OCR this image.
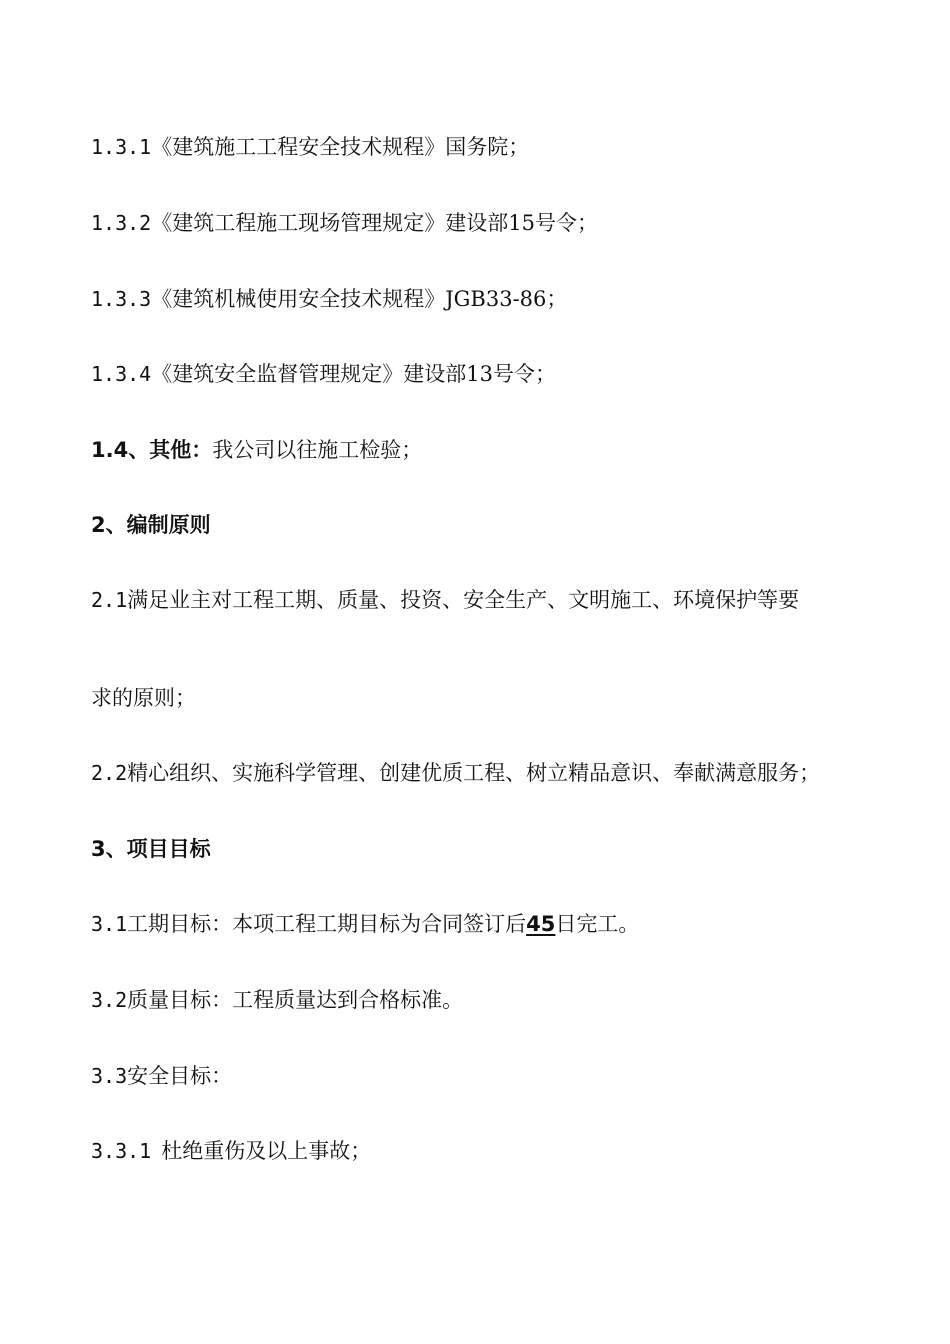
1.3.1《建筑施工工程安全技术规程》国务院；
1.3.2《建筑工程施工现场管理规定》建设部15号令；
1.3.3《建筑机械使用安全技术规程》JGB33-86；
1.3.4《建筑安全监督管理规定》建设部13号令；
1.4、其他：我公司以往施工检验；
2、编制原则
2.1满足业主对工程工期、质量、投资、安全生产、文明施工、环境保护等要
求的原则；
2.2精心组织、实施科学管理、创建优质工程、树立精品意识、奉献满意服务；
3、项目目标
3.1工期目标：本项工程工期目标为合同签订后45日完工。
3.2质量目标：工程质量达到合格标准。
3.3安全目标：
3.3.1 杜绝重伤及以上事故；
